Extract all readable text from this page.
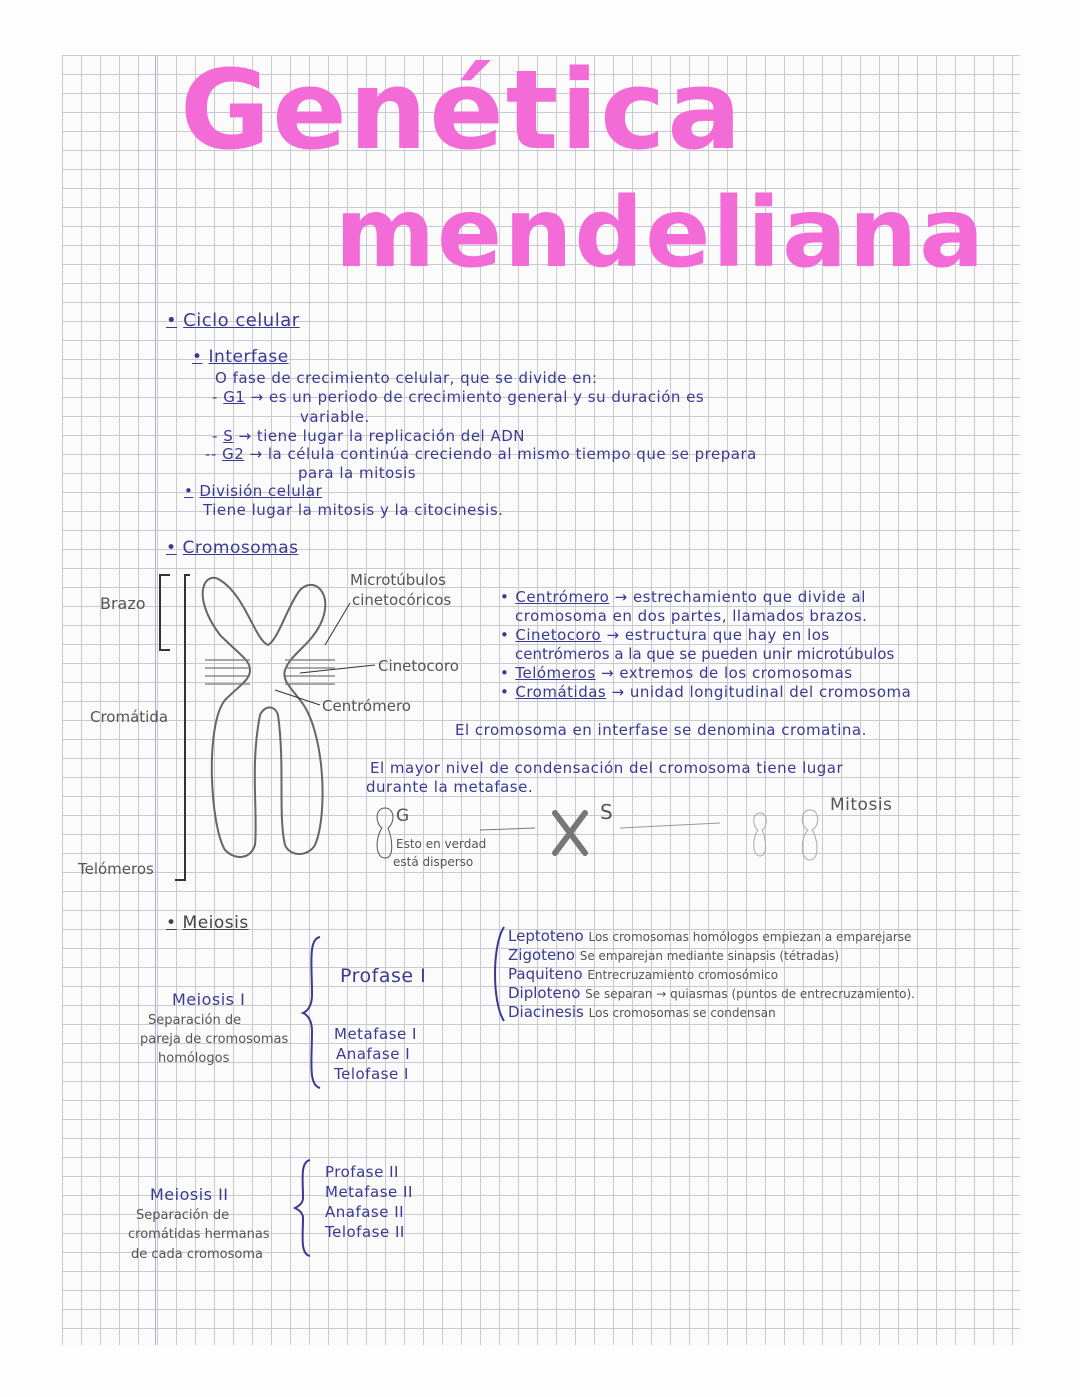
Genética
mendeliana
• Ciclo celular
• Interfase
O fase de crecimiento celular, que se divide en:
- G1 → es un periodo de crecimiento general y su duración es
variable.
- S → tiene lugar la replicación del ADN
-- G2 → la célula continúa creciendo al mismo tiempo que se prepara
para la mitosis
• División celular
Tiene lugar la mitosis y la citocinesis.
• Cromosomas
Brazo
Microtúbulos
cinetocóricos
Cinetocoro
Centrómero
Cromátida
Telómeros
• Centrómero → estrechamiento que divide al
cromosoma en dos partes, llamados brazos.
• Cinetocoro → estructura que hay en los
centrómeros a la que se pueden unir microtúbulos
• Telómeros → extremos de los cromosomas
• Cromátidas → unidad longitudinal del cromosoma
El cromosoma en interfase se denomina cromatina.
El mayor nivel de condensación del cromosoma tiene lugar
durante la metafase.
G
Esto en verdad
está disperso
S	Mitosis
• Meiosis
Meiosis I
Separación de
pareja de cromosomas
homólogos
Profase I
Metafase I
Anafase I
Telofase I
Leptoteno Los cromosomas homólogos empiezan a emparejarse
Zigoteno Se emparejan mediante sinapsis (tétradas)
Paquiteno Entrecruzamiento cromosómico
Diploteno Se separan → quiasmas (puntos de entrecruzamiento).
Diacinesis Los cromosomas se condensan
Meiosis II
Separación de
cromátidas hermanas
de cada cromosoma
Profase II
Metafase II
Anafase II
Telofase II
